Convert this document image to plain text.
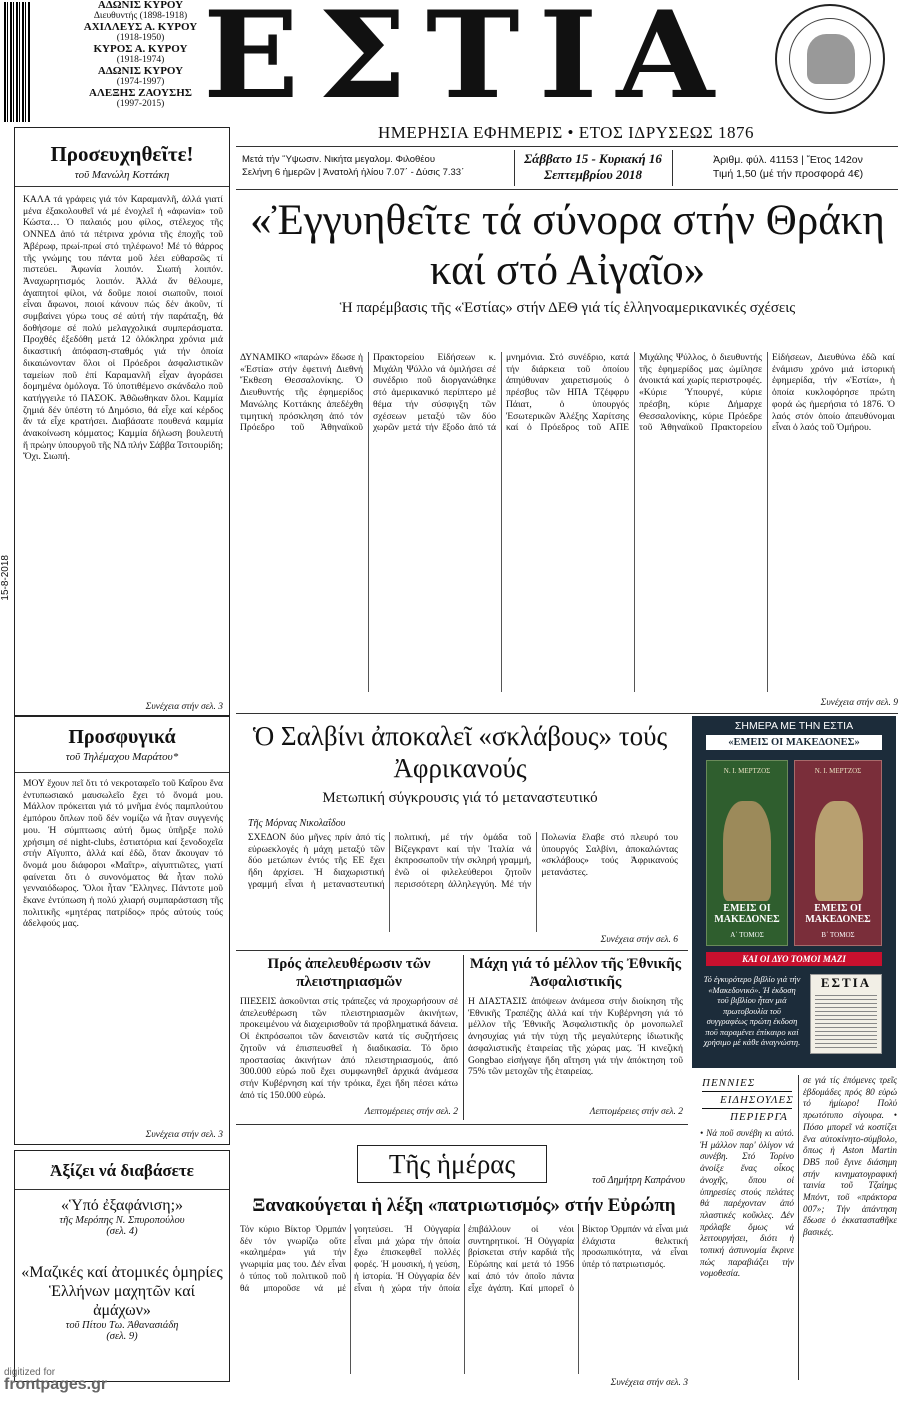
ΑΔΩΝΙΣ ΚΥΡΟΥ
Διευθυντής (1898-1918)
ΑΧΙΛΛΕΥΣ Α. ΚΥΡΟΥ
(1918-1950)
ΚΥΡΟΣ Α. ΚΥΡΟΥ
(1918-1974)
ΑΔΩΝΙΣ ΚΥΡΟΥ
(1974-1997)
ΑΛΕΞΗΣ ΖΑΟΥΣΗΣ
(1997-2015) ΕΣΤΙΑ
ΗΜΕΡΗΣΙΑ ΕΦΗΜΕΡΙΣ • ΕΤΟΣ ΙΔΡΥΣΕΩΣ 1876
Μετά τήν Ὕψωσιν. Νικήτα μεγαλομ. Φιλοθέου
Σελήνη 6 ἡμερῶν | Ἀνατολή ἡλίου 7.07΄ - Δύσις 7.33΄
Σάββατο 15 - Κυριακή 16 Σεπτεμβρίου 2018
Ἀριθμ. φύλ. 41153 | Ἔτος 142ον
Τιμή 1,50 (μέ τήν προσφορά 4€)
15-8-2018
Προσευχηθεῖτε!
τοῦ Μανώλη Κοττάκη
ΚΑΛΑ τά γράφεις γιά τόν Καραμανλῆ, ἀλλά γιατί μένα ἐξακολουθεῖ νά μέ ἐνοχλεῖ ἡ «ἀφωνία» τοῦ Κώστα… Ὁ παλαιός μου φίλος, στέλεχος τῆς ΟΝΝΕΔ ἀπό τά πέτρινα χρόνια τῆς ἐποχῆς τοῦ Ἀβέρωφ, πρωί-πρωί στό τηλέφωνο! Μέ τό θάρρος τῆς γνώμης του πάντα μοῦ λέει εὐθαρσῶς τί πιστεύει. Ἀφωνία λοιπόν. Σιωπή λοιπόν. Ἀναχωρητισμός λοιπόν. Ἀλλά ἄν θέλουμε, ἀγαπητοί φίλοι, νά δοῦμε ποιοί σιωποῦν, ποιοί εἶναι ἄφωνοι, ποιοί κάνουν πώς δέν ἀκοῦν, τί συμβαίνει γύρω τους σέ αὐτή τήν παράταξη, θά δοθήσομε σέ πολύ μελαγχολικά συμπεράσματα. Προχθές ἐξεδόθη μετά 12 ὁλόκληρα χρόνια μιά δικαστική ἀπόφαση-σταθμός γιά τήν ὁποία δικαιώνονταν ὅλοι οἱ Πρόεδροι ἀσφαλιστικῶν ταμείων ποῦ ἐπί Καραμανλῆ εἶχαν ἀγοράσει δομημένα ὁμόλογα. Τό ὑποτιθέμενο σκάνδαλο ποῦ κατήγγειλε τό ΠΑΣΟΚ. Ἀθῶωθηκαν ὅλοι. Καμμία ζημιά δέν ὑπέστη τό Δημόσιο, θά εἶχε καί κέρδος ἄν τά εἶχε κρατήσει. Διαβάσατε πουθενά καμμία ἀνακοίνωση κόμματος; Καμμία δήλωση βουλευτή ἤ πρώην ὑπουργοῦ τῆς ΝΔ πλήν Σάββα Τσιτουρίδη; Ὄχι. Σιωπή.
Συνέχεια στήν σελ. 3
Προσφυγικά
τοῦ Τηλέμαχου Μαράτου*
ΜΟΥ ἔχουν πεῖ ὅτι τό νεκροταφεῖο τοῦ Καΐρου ἕνα ἐντυπωσιακό μαυσωλεῖο ἔχει τό ὄνομά μου. Μάλλον πρόκειται γιά τό μνῆμα ἑνός παμπλούτου ἐμπόρου ὅπλων ποῦ δέν νομίζω νά ἦταν συγγενής μου. Ἡ σύμπτωσις αὐτή ὅμως ὑπῆρξε πολύ χρήσιμη σέ night-clubs, ἑστιατόρια καί ξενοδοχεῖα στήν Αἴγυπτο, ἀλλά καί ἐδῶ, ὅταν ἄκουγαν τό ὄνομά μου διάφοροι «Μαΐτρ», αἰγυπτιῶτες, γιατί φαίνεται ὅτι ὁ συνονόματος θά ἦταν πολύ γενναιόδωρος. Ὅλοι ἦταν Ἕλληνες. Πάντοτε μοῦ ἔκανε ἐντύπωση ἡ πολύ χλιαρή συμπαράσταση τῆς πολιτικῆς «μητέρας πατρίδος» πρός αὐτούς τούς ἀδελφούς μας.
Συνέχεια στήν σελ. 3
Ἀξίζει νά διαβάσετε
«Ὑπό ἐξαφάνιση;»
τῆς Μερόπης Ν. Σπυροπούλου
(σελ. 4)
«Μαζικές καί ἀτομικές ὁμηρίες Ἑλλήνων μαχητῶν καί ἀμάχων»
τοῦ Πίτου Τω. Ἀθανασιάδη
(σελ. 9)
«Ἐγγυηθεῖτε τά σύνορα στήν Θράκη καί στό Αἰγαῖο»
Ἡ παρέμβασις τῆς «Ἑστίας» στήν ΔΕΘ γιά τίς ἑλληνοαμερικανικές σχέσεις
ΔΥΝΑΜΙΚΟ «παρών» ἔδωσε ἡ «Ἑστία» στήν ἐφετινή Διεθνή Ἔκθεση Θεσσαλονίκης. Ὁ Διευθυντής τῆς ἐφημερίδος Μανώλης Κοττάκης ἀπεδέχθη τιμητική πρόσκληση ἀπό τόν Πρόεδρο τοῦ Ἀθηναϊκοῦ Πρακτορείου Εἰδήσεων κ. Μιχάλη Ψύλλο νά ὁμιλήσει σέ συνέδριο ποῦ διοργανώθηκε στό ἀμερικανικό περίπτερο μέ θέμα τήν σύσφιγξη τῶν σχέσεων μεταξύ τῶν δύο χωρῶν μετά τήν ἔξοδο ἀπό τά μνημόνια. Στό συνέδριο, κατά τήν διάρκεια τοῦ ὁποίου ἀπηύθυναν χαιρετισμούς ὁ πρέσβυς τῶν ΗΠΑ Τζέφφρυ Πάιατ, ὁ ὑπουργός Ἐσωτερικῶν Ἀλέξης Χαρίτσης καί ὁ Πρόεδρος τοῦ ΑΠΕ Μιχάλης Ψύλλος, ὁ διευθυντής τῆς ἐφημερίδος μας ὡμίλησε ἀνοικτά καί χωρίς περιστροφές. «Κύριε Ὑπουργέ, κύριε πρέσβη, κύριε Δήμαρχε Θεσσαλονίκης, κύριε Πρόεδρε τοῦ Ἀθηναϊκοῦ Πρακτορείου Εἰδήσεων, Διευθύνω ἐδῶ καί ἐνάμισυ χρόνο μιά ἱστορική ἐφημερίδα, τήν «Ἑστία», ἡ ὁποία κυκλοφόρησε πρώτη φορά ὡς ἡμερήσια τό 1876. Ὁ λαός στόν ὁποίο ἀπευθύνομαι εἶναι ὁ λαός τοῦ Ὁμήρου.
Συνέχεια στήν σελ. 9
Ὁ Σαλβίνι ἀποκαλεῖ «σκλάβους» τούς Ἀφρικανούς
Μετωπική σύγκρουσις γιά τό μεταναστευτικό
Τῆς Μόρνας Νικολαΐδου
ΣΧΕΔΟΝ δύο μῆνες πρίν ἀπό τίς εὐρωεκλογές ἡ μάχη μεταξύ τῶν δύο μετώπων ἐντός τῆς ΕΕ ἔχει ἤδη ἀρχίσει. Ἡ διαχωριστική γραμμή εἶναι ἡ μεταναστευτική πολιτική, μέ τήν ὁμάδα τοῦ Βίζεγκραντ καί τήν Ἰταλία νά ἐκπροσωποῦν τήν σκληρή γραμμή, ἐνῶ οἱ φιλελεύθεροι ζητοῦν περισσότερη ἀλληλεγγύη. Μέ τήν Πολωνία ἔλαβε στό πλευρό του ὑπουργός Σαλβίνι, ἀποκαλώντας «σκλάβους» τούς Ἀφρικανούς μετανάστες.
Συνέχεια στήν σελ. 6
Πρός ἀπελευθέρωσιν τῶν πλειστηριασμῶν
ΠΙΕΣΕΙΣ ἀσκοῦνται στίς τράπεζες νά προχωρήσουν σέ ἀπελευθέρωση τῶν πλειστηριασμῶν ἀκινήτων, προκειμένου νά διαχειρισθοῦν τά προβληματικά δάνεια. Οἱ ἐκπρόσωποι τῶν δανειστῶν κατά τίς συζητήσεις ζητοῦν νά ἐπισπευσθεῖ ἡ διαδικασία. Τό ὅριο προστασίας ἀκινήτων ἀπό πλειστηριασμούς, ἀπό 300.000 εὐρώ ποῦ ἔχει συμφωνηθεῖ ἀρχικά ἀνάμεσα στήν Κυβέρνηση καί τήν τρόικα, ἔχει ἤδη πέσει κάτω ἀπό τίς 150.000 εὐρώ.
Λεπτομέρειες στήν σελ. 2
Μάχη γιά τό μέλλον τῆς Ἐθνικῆς Ἀσφαλιστικῆς
Η ΔΙΑΣΤΑΣΙΣ ἀπόψεων ἀνάμεσα στήν διοίκηση τῆς Ἐθνικῆς Τραπέζης ἀλλά καί τήν Κυβέρνηση γιά τό μέλλον τῆς Ἐθνικῆς Ἀσφαλιστικῆς ὁρ μονοπωλεῖ ἀνησυχίας γιά τήν τύχη τῆς μεγαλύτερης ἰδιωτικῆς ἀσφαλιστικῆς ἑταιρείας τῆς χώρας μας. Ἡ κινεζική Gongbao εἰσήγαγε ἤδη αἴτηση γιά τήν ἀπόκτηση τοῦ 75% τῶν μετοχῶν τῆς ἑταιρείας.
Λεπτομέρειες στήν σελ. 2
ΣΗΜΕΡΑ ΜΕ ΤΗΝ ΕΣΤΙΑ
«ΕΜΕΙΣ ΟΙ ΜΑΚΕΔΟΝΕΣ»
Ν. Ι. ΜΕΡΤΖΟΣ
ΕΜΕΙΣ ΟΙ ΜΑΚΕΔΟΝΕΣ
Α΄ ΤΟΜΟΣ
Ν. Ι. ΜΕΡΤΖΟΣ
ΕΜΕΙΣ ΟΙ ΜΑΚΕΔΟΝΕΣ
Β΄ ΤΟΜΟΣ
ΚΑΙ ΟΙ ΔΥΟ ΤΟΜΟΙ ΜΑΖΙ
Τό ἐγκυρότερο βιβλίο γιά τήν «Μακεδονικό». Ἡ ἐκδοση τοῦ βιβλίου ἦταν μιά πρωτοβουλία τοῦ συγγραφέως πρώτη ἐκδοση ποῦ παραμένει ἐπίκαιρο καί χρήσιμο μέ κάθε ἀναγνώστη.
ΕΣΤΙΑ
ΠΕΝΝΙΕΣ
ΕΙΔΗΣΟΥΛΕΣ
ΠΕΡΙΕΡΓΑ
• Νά ποῦ συνέβη κι αὐτό. Ἡ μάλλον παρ' ὀλίγον νά συνέβη. Στό Τορίνο ἀνοίξε ἕνας οἶκος ἀνοχῆς, ὅπου οἱ ὑπηρεσίες στούς πελάτες θά παρέχονταν ἀπό πλαστικές κοῦκλες. Δέν πρόλαβε ὅμως νά λειτουργήσει, διότι ἡ τοπική ἀστυνομία ἔκρινε πώς παραβιάζει τήν νομοθεσία.
σε γιά τίς ἐπόμενες τρεῖς ἑβδομάδες πρός 80 εὐρώ τό ἡμίωρο! Πολύ πρωτότυπο σίγουρα. • Πόσο μπορεῖ νά κοστίζει ἕνα αὐτοκίνητο-σύμβολο, ὅπως ἡ Aston Martin DB5 ποῦ ἔγινε διάσημη στήν κινηματογραφική ταινία τοῦ Τζαίημς Μπόντ, τοῦ «πράκτορα 007»; Τήν ἀπάντηση ἔδωσε ὁ ἐκκατασταθῆκε βασικές.
Τῆς ἡμέρας
τοῦ Δημήτρη Καπράνου
Ξανακούγεται ἡ λέξη «πατριωτισμός» στήν Εὐρώπη
Τόν κύριο Βίκτορ Ὀρμπάν δέν τόν γνωρίζω οὔτε «καλημέρα» γιά τήν γνωριμία μας του. Δέν εἶναι ὁ τύπος τοῦ πολιτικοῦ ποῦ θά μποροῦσε νά μέ γοητεύσει. Ἡ Οὐγγαρία εἶναι μιά χώρα τήν ὁποία ἔχω ἐπισκεφθεῖ πολλές φορές. Ἡ μουσική, ἡ γεύση, ἡ ἱστορία. Ἡ Οὐγγαρία δέν εἶναι ἡ χώρα τήν ὁποία ἐπιβάλλουν οἱ νέοι συντηρητικοί. Ἡ Οὐγγαρία βρίσκεται στήν καρδιά τῆς Εὐρώπης καί μετά τό 1956 καί ἀπό τόν ὁποῖο πάντα εἶχε ἀγάπη. Καί μπορεῖ ὁ Βίκτορ Ὀρμπάν νά εἶναι μιά ἐλάχιστα θελκτική προσωπικότητα, νά εἶναι ὑπέρ τό πατριωτισμός.
Συνέχεια στήν σελ. 3
digitized for
frontpages.gr
